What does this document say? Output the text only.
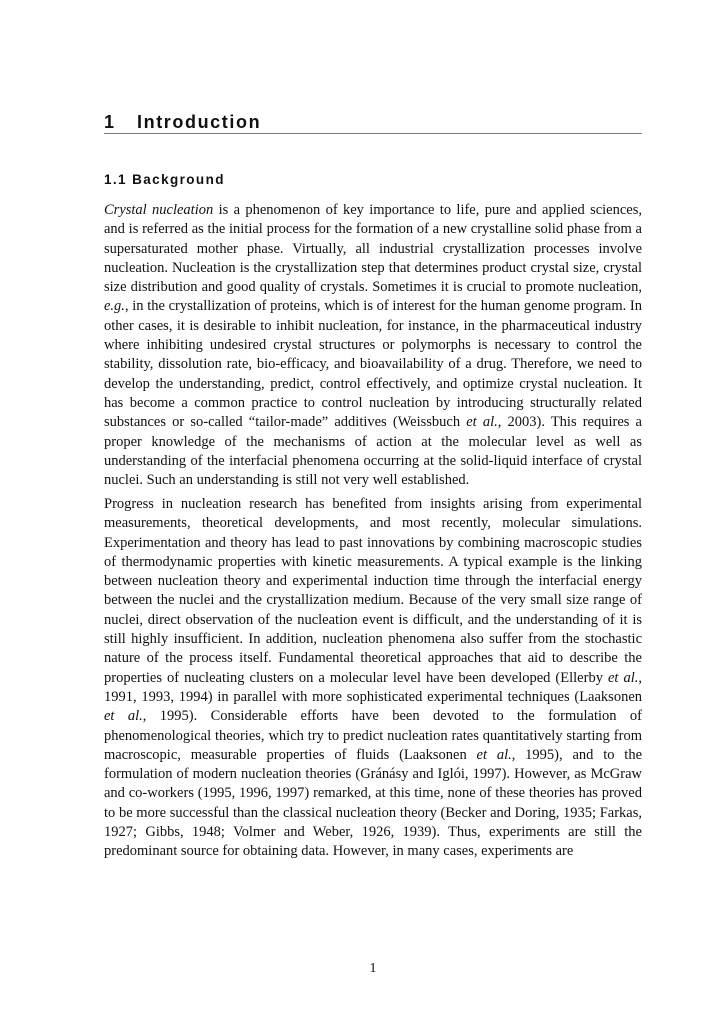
1 Introduction
1.1 Background

Crystal nucleation is a phenomenon of key importance to life, pure and applied sciences, and is referred as the initial process for the formation of a new crystalline solid phase from a supersaturated mother phase. Virtually, all industrial crystallization processes involve nucleation. Nucleation is the crystallization step that determines product crystal size, crystal size distribution and good quality of crystals. Sometimes it is crucial to promote nucleation, e.g., in the crystallization of proteins, which is of interest for the human genome program. In other cases, it is desirable to inhibit nucleation, for instance, in the pharmaceutical industry where inhibiting undesired crystal structures or polymorphs is necessary to control the stability, dissolution rate, bio-efficacy, and bioavailability of a drug. Therefore, we need to develop the understanding, predict, control effectively, and optimize crystal nucleation. It has become a common practice to control nucleation by introducing structurally related substances or so-called “tailor-made” additives (Weissbuch et al., 2003). This requires a proper knowledge of the mechanisms of action at the molecular level as well as understanding of the interfacial phenomena occurring at the solid-liquid interface of crystal nuclei. Such an understanding is still not very well established.

Progress in nucleation research has benefited from insights arising from experimental measurements, theoretical developments, and most recently, molecular simulations. Experimentation and theory has lead to past innovations by combining macroscopic studies of thermodynamic properties with kinetic measurements. A typical example is the linking between nucleation theory and experimental induction time through the interfacial energy between the nuclei and the crystallization medium. Because of the very small size range of nuclei, direct observation of the nucleation event is difficult, and the understanding of it is still highly insufficient. In addition, nucleation phenomena also suffer from the stochastic nature of the process itself. Fundamental theoretical approaches that aid to describe the properties of nucleating clusters on a molecular level have been developed (Ellerby et al., 1991, 1993, 1994) in parallel with more sophisticated experimental techniques (Laaksonen et al., 1995). Considerable efforts have been devoted to the formulation of phenomenological theories, which try to predict nucleation rates quantitatively starting from macroscopic, measurable properties of fluids (Laaksonen et al., 1995), and to the formulation of modern nucleation theories (Gránásy and Iglói, 1997). However, as McGraw and co-workers (1995, 1996, 1997) remarked, at this time, none of these theories has proved to be more successful than the classical nucleation theory (Becker and Doring, 1935; Farkas, 1927; Gibbs, 1948; Volmer and Weber, 1926, 1939). Thus, experiments are still the predominant source for obtaining data. However, in many cases, experiments are

1
